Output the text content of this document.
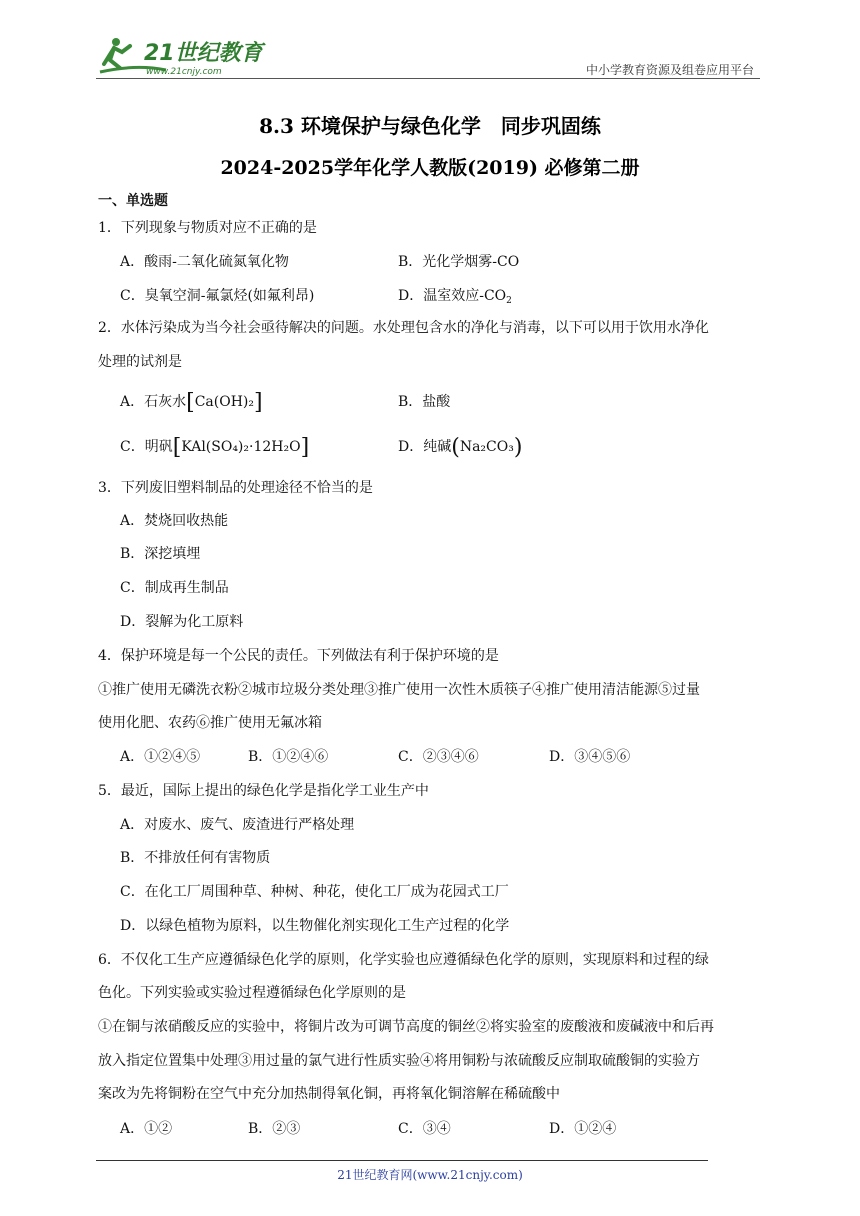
21世纪教育
www.21cnjy.com	中小学教育资源及组卷应用平台
8.3 环境保护与绿色化学　同步巩固练
2024-2025学年化学人教版(2019) 必修第二册
一、单选题
1．下列现象与物质对应不正确的是
A．酸雨-二氧化硫氮氧化物	B．光化学烟雾-CO
C．臭氧空洞-氟氯烃(如氟利昂)	D．温室效应$-CO_2$
2．水体污染成为当今社会亟待解决的问题。水处理包含水的净化与消毒，以下可以用于饮用水净化
处理的试剂是
A．石灰水[Ca(OH)₂]	B．盐酸
C．明矾[KAl(SO₄)₂·12H₂O]	D．纯碱(Na₂CO₃)
3．下列废旧塑料制品的处理途径不恰当的是
A．焚烧回收热能
B．深挖填埋
C．制成再生制品
D．裂解为化工原料
4．保护环境是每一个公民的责任。下列做法有利于保护环境的是
①推广使用无磷洗衣粉②城市垃圾分类处理③推广使用一次性木质筷子④推广使用清洁能源⑤过量
使用化肥、农药⑥推广使用无氟冰箱
A．①②④⑤	B．①②④⑥	C．②③④⑥	D．③④⑤⑥
5．最近，国际上提出的绿色化学是指化学工业生产中
A．对废水、废气、废渣进行严格处理
B．不排放任何有害物质
C．在化工厂周围种草、种树、种花，使化工厂成为花园式工厂
D．以绿色植物为原料，以生物催化剂实现化工生产过程的化学
6．不仅化工生产应遵循绿色化学的原则，化学实验也应遵循绿色化学的原则，实现原料和过程的绿
色化。下列实验或实验过程遵循绿色化学原则的是
①在铜与浓硝酸反应的实验中，将铜片改为可调节高度的铜丝②将实验室的废酸液和废碱液中和后再
放入指定位置集中处理③用过量的氯气进行性质实验④将用铜粉与浓硫酸反应制取硫酸铜的实验方
案改为先将铜粉在空气中充分加热制得氧化铜，再将氧化铜溶解在稀硫酸中
A．①②	B．②③	C．③④	D．①②④
21世纪教育网(www.21cnjy.com)
